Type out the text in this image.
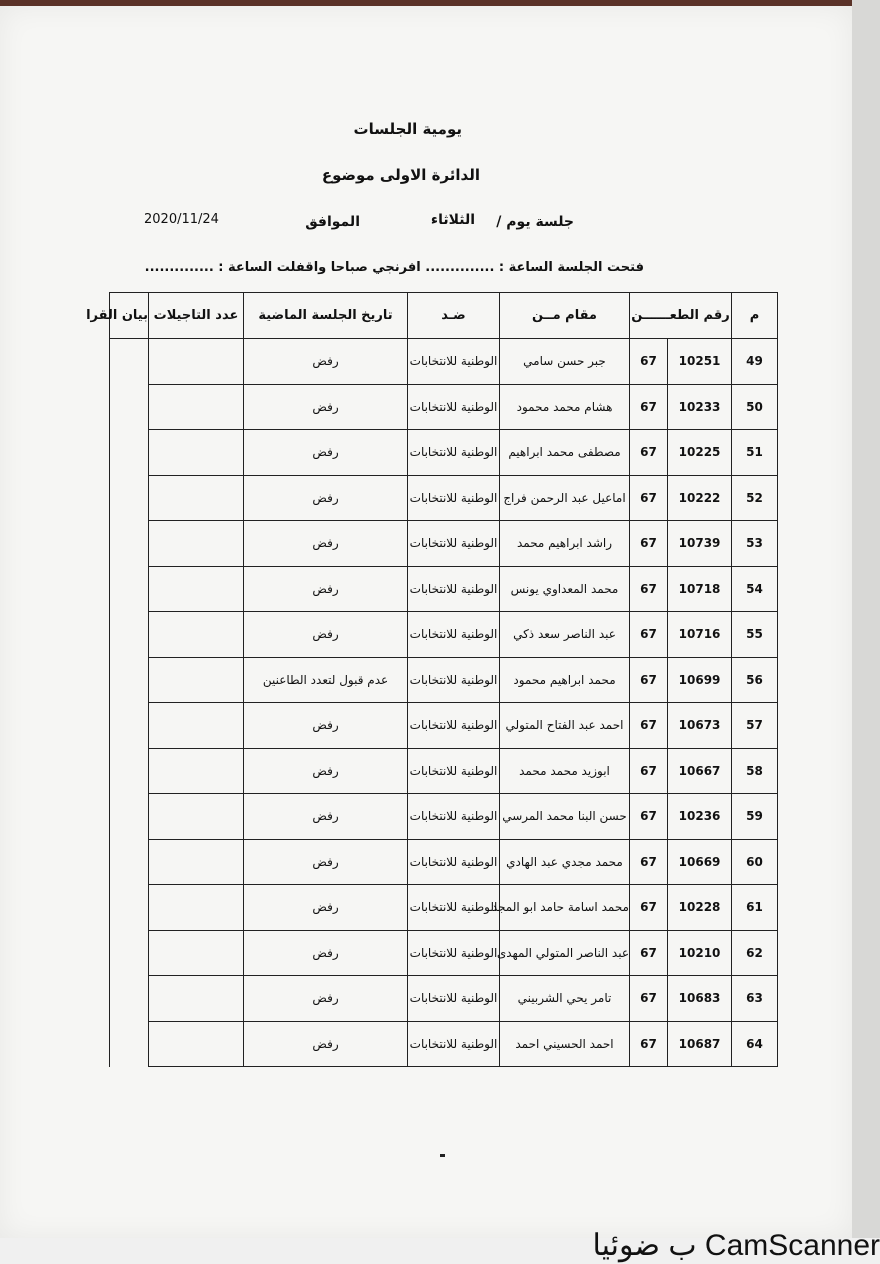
يومية الجلسات
الدائرة الاولى موضوع
جلسة يوم /
الثلاثاء
الموافق
2020/11/24
فتحت الجلسة الساعة : .............. افرنجي صباحا واقفلت الساعة : ..............
م	رقم الطعــــــن		مقام مــن	ضـد	تاريخ الجلسة الماضية	عدد التاجيلات	بيان القرا
49	10251	67	جبر حسن سامي	الوطنية للانتخابات	رفض		
50	10233	67	هشام محمد محمود	الوطنية للانتخابات	رفض		
51	10225	67	مصطفى محمد ابراهيم	الوطنية للانتخابات	رفض		
52	10222	67	اماعيل عبد الرحمن فراج	الوطنية للانتخابات	رفض		
53	10739	67	راشد ابراهيم محمد	الوطنية للانتخابات	رفض		
54	10718	67	محمد المعداوي يونس	الوطنية للانتخابات	رفض		
55	10716	67	عبد الناصر سعد ذكي	الوطنية للانتخابات	رفض		
56	10699	67	محمد ابراهيم محمود	الوطنية للانتخابات	عدم قبول لتعدد الطاعنين		
57	10673	67	احمد عبد الفتاح المتولي	الوطنية للانتخابات	رفض		
58	10667	67	ابوزيد محمد محمد	الوطنية للانتخابات	رفض		
59	10236	67	حسن البنا محمد المرسي	الوطنية للانتخابات	رفض		
60	10669	67	محمد مجدي عبد الهادي	الوطنية للانتخابات	رفض		
61	10228	67	محمد اسامة حامد ابو المجد	الوطنية للانتخابات	رفض		
62	10210	67	عبد الناصر المتولي المهدى	الوطنية للانتخابات	رفض		
63	10683	67	تامر يحي الشربيني	الوطنية للانتخابات	رفض		
64	10687	67	احمد الحسيني احمد	الوطنية للانتخابات	رفض		
CamScanner ب ضوئيا
